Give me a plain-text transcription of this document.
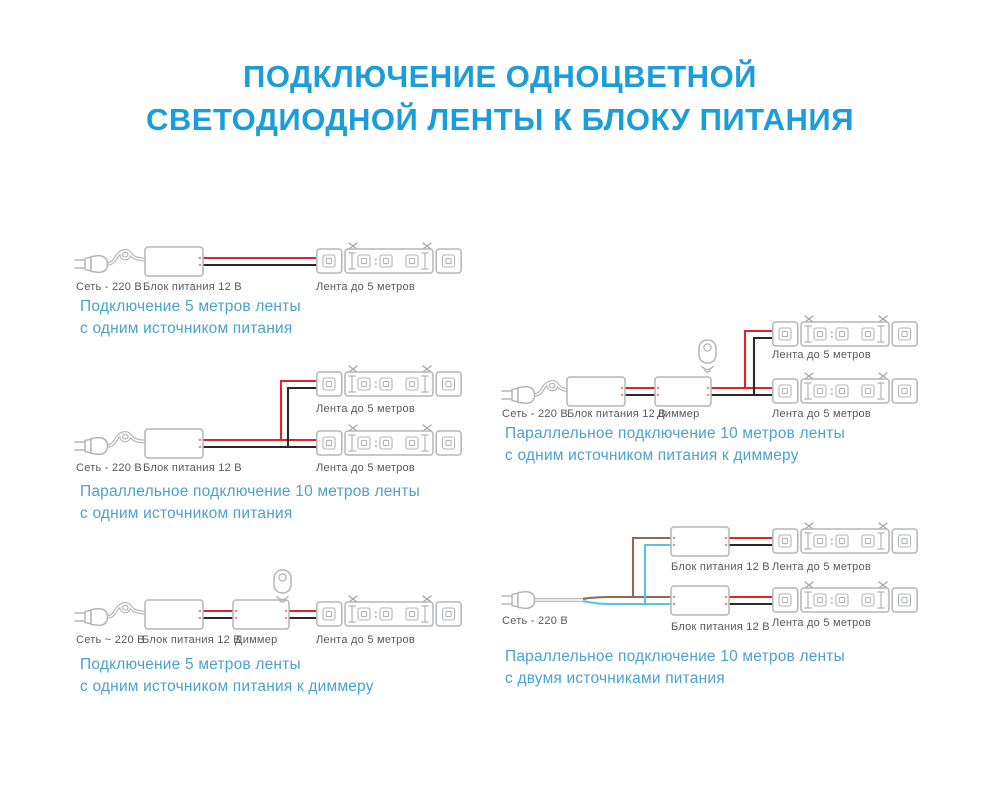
ПОДКЛЮЧЕНИЕ ОДНОЦВЕТНОЙ
СВЕТОДИОДНОЙ ЛЕНТЫ К БЛОКУ ПИТАНИЯ
Сеть - 220 В Блок питания 12 В	Лента до 5 метров
Лента до 5 метров
Сеть - 220 В Блок питания 12 В	Лента до 5 метров
Сеть ~ 220 В
Блок питания 12 В
Диммер	Лента до 5 метров
Лента до 5 метров
Сеть - 220 В Блок питания 12 В
Диммер	Лента до 5 метров
Блок питания 12 В Лента до 5 метров
Сеть - 220 В	Блок питания 12 В Лента до 5 метров
Подключение 5 метров ленты
с одним источником питания
Параллельное подключение 10 метров ленты
с одним источником питания
Подключение 5 метров ленты
с одним источником питания к диммеру
Параллельное подключение 10 метров ленты
с одним источником питания к диммеру
Параллельное подключение 10 метров ленты
с двумя источниками питания
